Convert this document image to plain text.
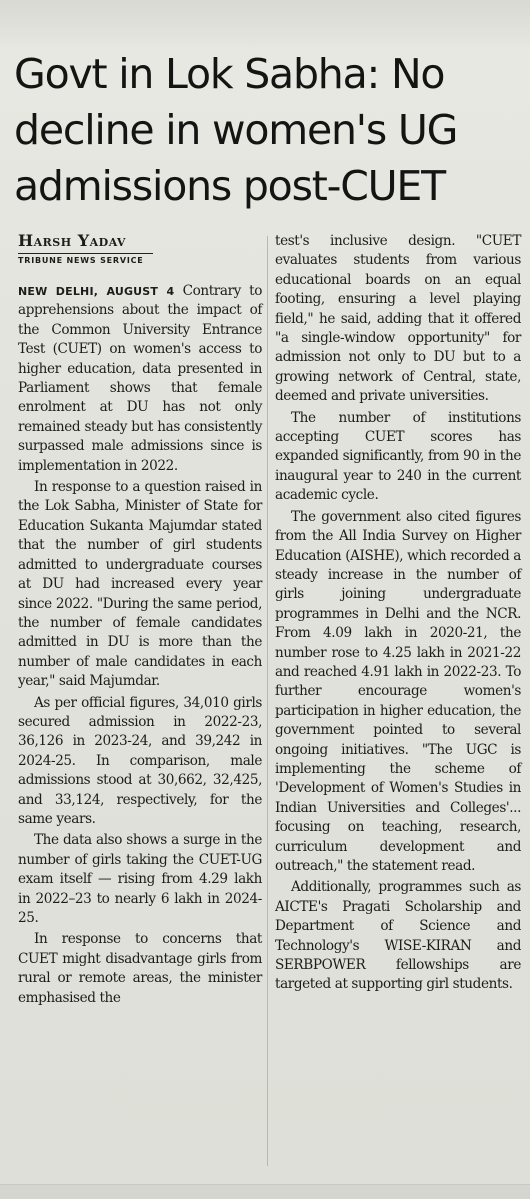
Govt in Lok Sabha: No
decline in women's UG
admissions post-CUET
Harsh Yadav
TRIBUNE NEWS SERVICE

NEW DELHI, AUGUST 4 Contrary to apprehensions about the impact of the Common University Entrance Test (CUET) on women's access to higher education, data presented in Parliament shows that female enrolment at DU has not only remained steady but has consistently surpassed male admissions since is implementation in 2022.

In response to a question raised in the Lok Sabha, Minister of State for Education Sukanta Majumdar stated that the number of girl students admitted to undergraduate courses at DU had increased every year since 2022. "During the same period, the number of female candidates admitted in DU is more than the number of male candidates in each year," said Majumdar.

As per official figures, 34,010 girls secured admission in 2022-23, 36,126 in 2023-24, and 39,242 in 2024-25. In comparison, male admissions stood at 30,662, 32,425, and 33,124, respectively, for the same years.

The data also shows a surge in the number of girls taking the CUET-UG exam itself — rising from 4.29 lakh in 2022–23 to nearly 6 lakh in 2024-25.

In response to concerns that CUET might disadvantage girls from rural or remote areas, the minister emphasised the

test's inclusive design. "CUET evaluates students from various educational boards on an equal footing, ensuring a level playing field," he said, adding that it offered "a single-window opportunity" for admission not only to DU but to a growing network of Central, state, deemed and private universities.

The number of institutions accepting CUET scores has expanded significantly, from 90 in the inaugural year to 240 in the current academic cycle.

The government also cited figures from the All India Survey on Higher Education (AISHE), which recorded a steady increase in the number of girls joining undergraduate programmes in Delhi and the NCR. From 4.09 lakh in 2020-21, the number rose to 4.25 lakh in 2021-22 and reached 4.91 lakh in 2022-23. To further encourage women's participation in higher education, the government pointed to several ongoing initiatives. "The UGC is implementing the scheme of 'Development of Women's Studies in Indian Universities and Colleges'... focusing on teaching, research, curriculum development and outreach," the statement read.

Additionally, programmes such as AICTE's Pragati Scholarship and Department of Science and Technology's WISE-KIRAN and SERBPOWER fellowships are targeted at supporting girl students.
